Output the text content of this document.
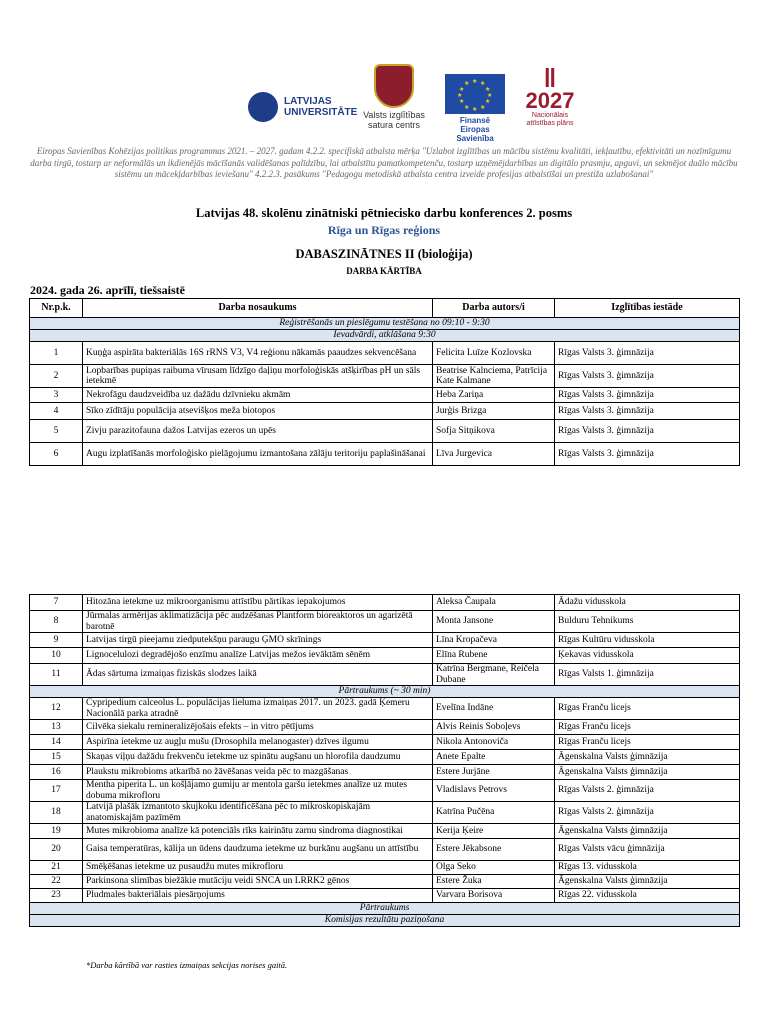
LATVIJAS
UNIVERSITĀTE Valsts izglītības
satura centrs
★ ★
★
★
★
★
★
★
★
★
★
★
Finansē
Eiropas Savienība
‖
2027
Nacionālais
attīstības plāns
Eiropas Savienības Kohēzijas politikas programmas 2021. – 2027. gadam 4.2.2. specifiskā atbalsta mērķa "Uzlabot izglītības un mācību sistēmu kvalitāti, iekļautību, efektivitāti un nozīmīgumu darba tirgū, tostarp ar neformālās un ikdienējās mācīšanās validēšanas palīdzību, lai atbalstītu pamatkompetenču, tostarp uzņēmējdarbības un digitālo prasmju, apguvi, un sekmējot duālo mācību sistēmu un mācekļdarbības ieviešanu" 4.2.2.3. pasākums "Pedagogu metodiskā atbalsta centra izveide profesijas atbalstīšai un prestiža uzlabošanai"
Latvijas 48. skolēnu zinātniski pētnieciskо darbu konferences 2. posms
Rīga un Rīgas reģions
DABASZINĀTNES II (bioloģija)
DARBA KĀRTĪBA
2024. gada 26. aprīlī, tiešsaistē
Nr.p.k.	Darba nosaukums	Darba autors/i	Izglītības iestāde
Reģistrēšanās un pieslēgumu testēšana no 09:10 - 9:30			
Ievadvārdi, atklāšana 9:30			
1	Kuņģa aspirāta bakteriālās 16S rRNS V3, V4 reģionu nākamās paaudzes sekvencēšana	Felicita Luīze Kozlovska	Rīgas Valsts 3. ģimnāzija
2	Lopbarības pupiņas raibuma vīrusam līdzīgo daļiņu morfoloģiskās atšķirības pH un sāls ietekmē	Beatrise Kalnciema, Patrīcija Kate Kalmane	Rīgas Valsts 3. ģimnāzija
3	Nekrofāgu daudzveidība uz dažādu dzīvnieku akmām	Heba Zariņa	Rīgas Valsts 3. ģimnāzija
4	Sīko zīdītāju populācija atsevišķos meža biotopos	Jurģis Brizga	Rīgas Valsts 3. ģimnāzija
5	Zivju parazitofauna dažos Latvijas ezeros un upēs	Sofja Sitņikova	Rīgas Valsts 3. ģimnāzija
6	Augu izplatīšanās morfoloģisko pielāgojumu izmantošana zālāju teritoriju paplašināšanai	Līva Jurgevica	Rīgas Valsts 3. ģimnāzija
7	Hitozāna ietekme uz mikroorganismu attīstību pārtikas iepakojumos	Aleksa Čaupala	Ādažu vidusskola
8	Jūrmalas armērijas aklimatizācija pēc audzēšanas Plantform bioreaktoros un agarizētā barotnē	Monta Jansone	Bulduru Tehnikums
9	Latvijas tirgū pieejamu ziedputekšņu paraugu ĢMO skrīnings	Līna Kropačeva	Rīgas Kultūru vidusskola
10	Lignocelulozi degradējošo enzīmu analīze Latvijas mežos ievāktām sēnēm	Elīna Rubene	Ķekavas vidusskola
11	Ādas sārtuma izmaiņas fiziskās slodzes laikā	Katrīna Bergmane, Reičela Dubane	Rīgas Valsts 1. ģimnāzija
Pārtraukums (~ 30 min)			
12	Cypripedium calceolus L. populācijas lieluma izmaiņas 2017. un 2023. gadā Ķemeru Nacionālā parka atradnē	Evelīna Indāne	Rīgas Franču licejs
13	Cilvēka siekalu remineralizējošais efekts – in vitro pētījums	Alvis Reinis Soboļevs	Rīgas Franču licejs
14	Aspirīna ietekme uz augļu mušu (Drosophila melanogaster) dzīves ilgumu	Nikola Antonoviča	Rīgas Franču licejs
15	Skaņas viļņu dažādu frekvenču ietekme uz spinātu augšanu un hlorofila daudzumu	Anete Epalte	Āgenskalna Valsts ģimnāzija
16	Plaukstu mikrobioms atkarībā no žāvēšanas veida pēc to mazgāšanas	Estere Jurjāne	Āgenskalna Valsts ģimnāzija
17	Mentha piperita L. un košļājamo gumiju ar mentola garšu ietekmes analīze uz mutes dobuma mikrofloru	Vladislavs Petrovs	Rīgas Valsts 2. ģimnāzija
18	Latvijā plašāk izmantoto skujkoku identificēšana pēc to mikroskopiskajām anatomiskajām pazīmēm	Katrīna Pučēna	Rīgas Valsts 2. ģimnāzija
19	Mutes mikrobioma analīze kā potenciāls rīks kairinātu zarnu sindroma diagnostikai	Kerija Ķeire	Āgenskalna Valsts ģimnāzija
20	Gaisa temperatūras, kālija un ūdens daudzuma ietekme uz burkānu augšanu un attīstību	Estere Jēkabsone	Rīgas Valsts vācu ģimnāzija
21	Smēķēšanas ietekme uz pusaudžu mutes mikrofloru	Olga Seko	Rīgas 13. vidusskola
22	Parkinsona slimības biežākie mutāciju veidi SNCA un LRRK2 gēnos	Estere Žuka	Āgenskalna Valsts ģimnāzija
23	Pludmales bakteriālais piesārņojums	Varvara Borisova	Rīgas 22. vidusskola
Pārtraukums			
Komisijas rezultātu paziņošana			
*Darba kārtībā var rasties izmaiņas sekcijas norises gaitā.
